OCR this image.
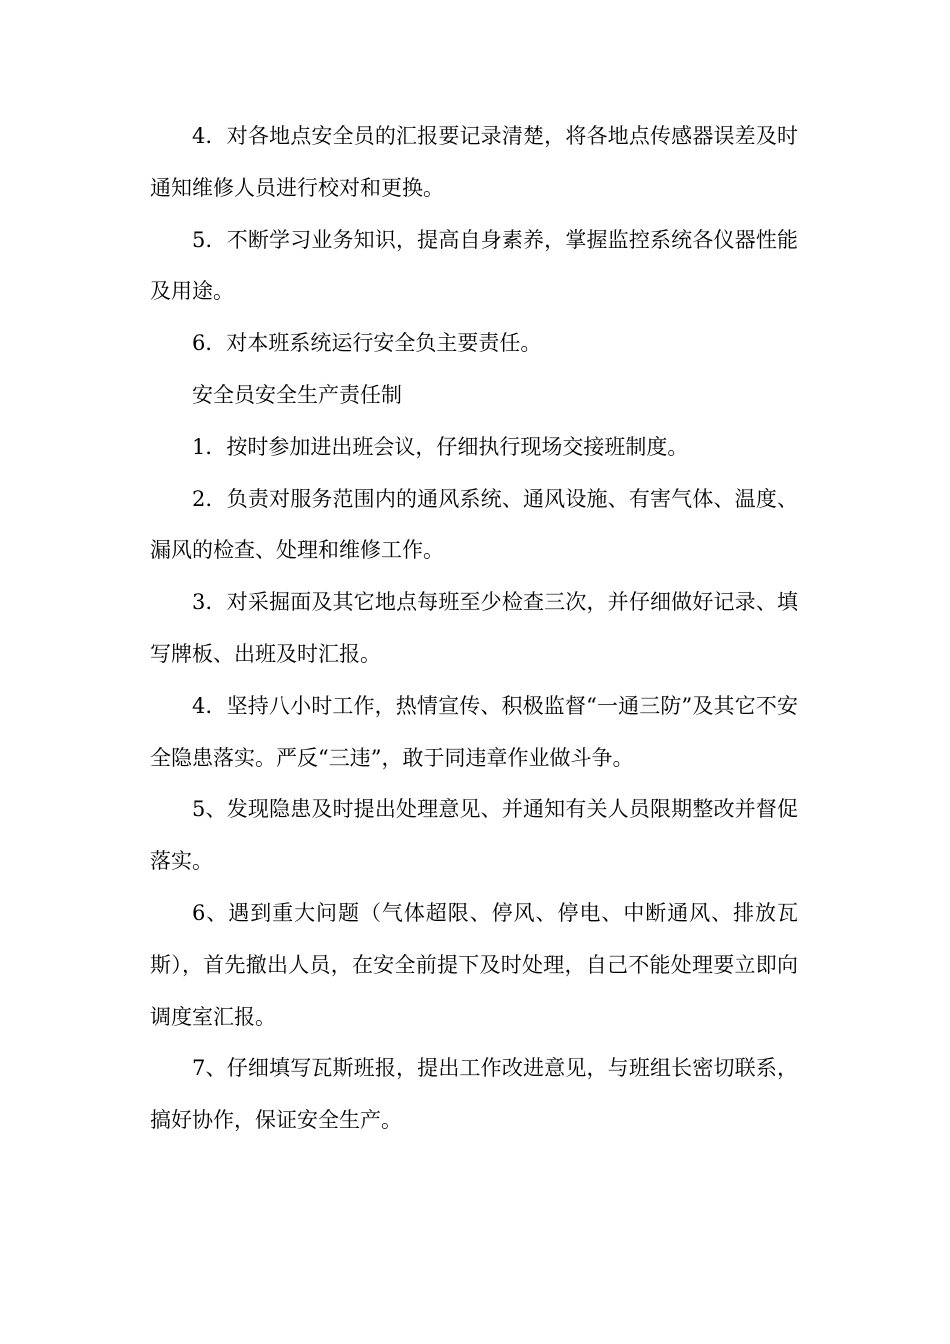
4．对各地点安全员的汇报要记录清楚，将各地点传感器误差及时通知维修人员进行校对和更换。

5．不断学习业务知识，提高自身素养，掌握监控系统各仪器性能及用途。

6．对本班系统运行安全负主要责任。

安全员安全生产责任制

1．按时参加进出班会议，仔细执行现场交接班制度。

2．负责对服务范围内的通风系统、通风设施、有害气体、温度、漏风的检查、处理和维修工作。

3．对采掘面及其它地点每班至少检查三次，并仔细做好记录、填写牌板、出班及时汇报。

4．坚持八小时工作，热情宣传、积极监督“一通三防”及其它不安全隐患落实。严反“三违”，敢于同违章作业做斗争。

5、发现隐患及时提出处理意见、并通知有关人员限期整改并督促落实。

6、遇到重大问题（气体超限、停风、停电、中断通风、排放瓦斯），首先撤出人员，在安全前提下及时处理，自己不能处理要立即向调度室汇报。

7、仔细填写瓦斯班报，提出工作改进意见，与班组长密切联系，搞好协作，保证安全生产。
